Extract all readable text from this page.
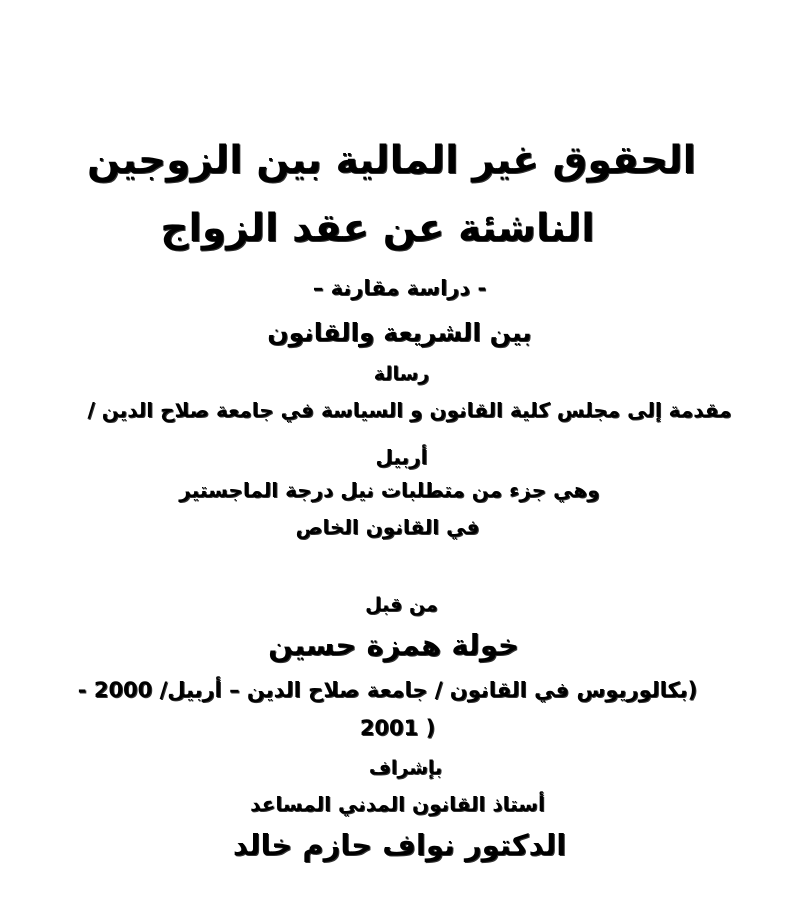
الحقوق غير المالية بين الزوجين
الناشئة عن عقد الزواج
- دراسة مقارنة –
بين الشريعة والقانون
رسالة
مقدمة إلى مجلس كلية القانون و السياسة في جامعة صلاح الدين /
أربيل
وهي جزء من متطلبات نيل درجة الماجستير
في القانون الخاص
من قبل
خولة همزة حسين
(بكالوريوس في القانون / جامعة صلاح الدين – أربيل/ 2000 -
2001 )
بإشراف
أستاذ القانون المدني المساعد
الدكتور نواف حازم خالد
